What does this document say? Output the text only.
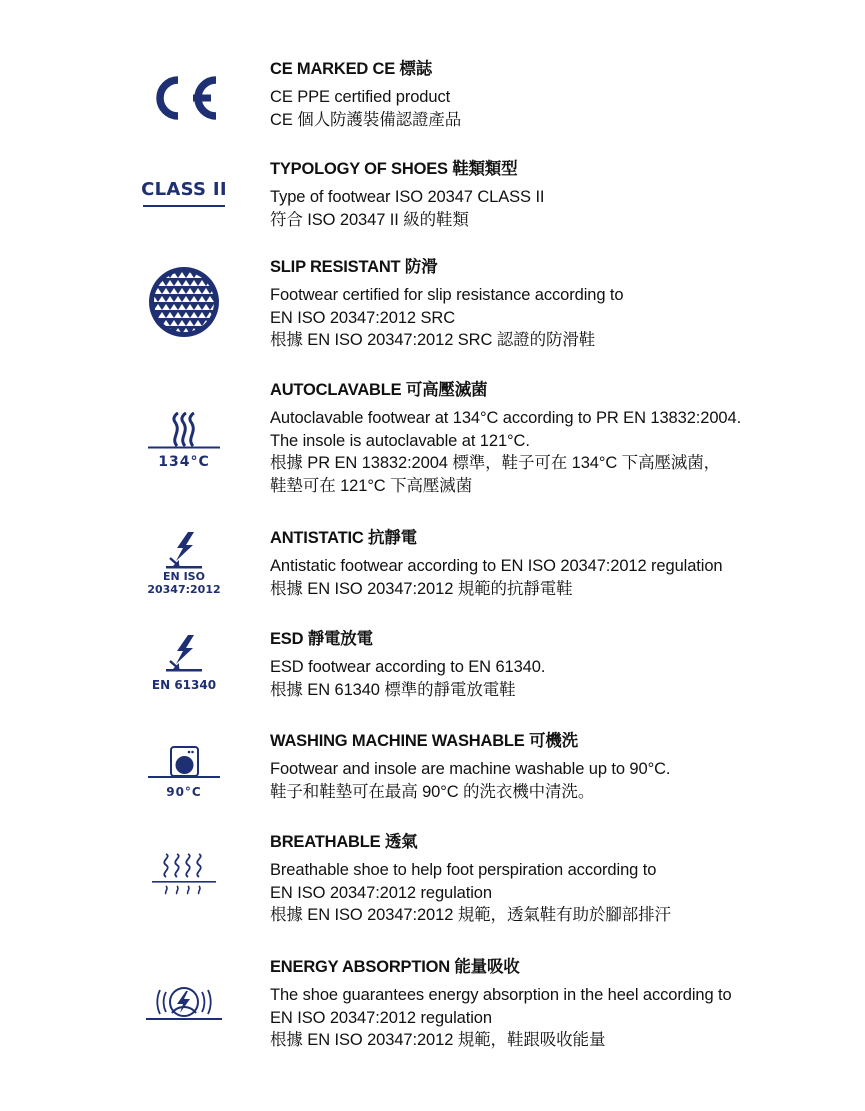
CE MARKED CE 標誌
CE PPE certified product
CE 個人防護裝備認證產品
CLASS II
TYPOLOGY OF SHOES 鞋類類型
Type of footwear ISO 20347 CLASS II
符合 ISO 20347 II 級的鞋類
SLIP RESISTANT 防滑
Footwear certified for slip resistance according to
EN ISO 20347:2012 SRC
根據 EN ISO 20347:2012 SRC 認證的防滑鞋
134°C
AUTOCLAVABLE 可高壓滅菌
Autoclavable footwear at 134°C according to PR EN 13832:2004.
The insole is autoclavable at 121°C.
根據 PR EN 13832:2004 標準，鞋子可在 134°C 下高壓滅菌，
鞋墊可在 121°C 下高壓滅菌
EN ISO
20347:2012
ANTISTATIC 抗靜電
Antistatic footwear according to EN ISO 20347:2012 regulation
根據 EN ISO 20347:2012 規範的抗靜電鞋
EN 61340
ESD 靜電放電
ESD footwear according to EN 61340.
根據 EN 61340 標準的靜電放電鞋
90°C
WASHING MACHINE WASHABLE 可機洗
Footwear and insole are machine washable up to 90°C.
鞋子和鞋墊可在最高 90°C 的洗衣機中清洗。
BREATHABLE 透氣
Breathable shoe to help foot perspiration according to
EN ISO 20347:2012 regulation
根據 EN ISO 20347:2012 規範，透氣鞋有助於腳部排汗
ENERGY ABSORPTION 能量吸收
The shoe guarantees energy absorption in the heel according to
EN ISO 20347:2012 regulation
根據 EN ISO 20347:2012 規範，鞋跟吸收能量
